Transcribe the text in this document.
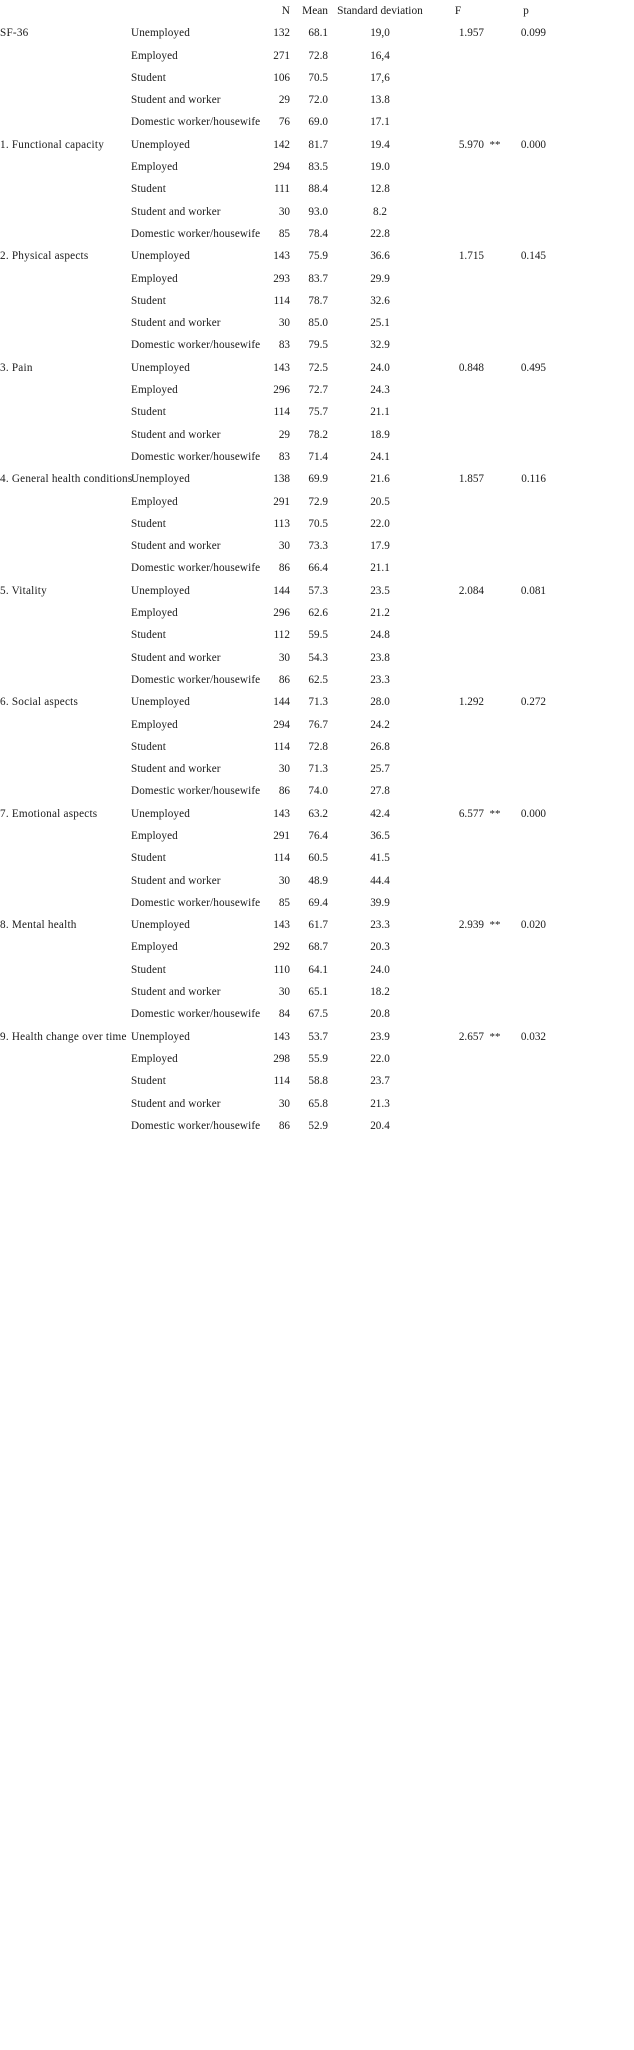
		N	Mean	Standard deviation	F		p	
SF-36	Unemployed	132	68.1	19,0	1.957		0.099	
	Employed	271	72.8	16,4				
	Student	106	70.5	17,6				
	Student and worker	29	72.0	13.8				
	Domestic worker/housewife	76	69.0	17.1				
1. Functional capacity	Unemployed	142	81.7	19.4	5.970	**	0.000	
	Employed	294	83.5	19.0				
	Student	111	88.4	12.8				
	Student and worker	30	93.0	8.2				
	Domestic worker/housewife	85	78.4	22.8				
2. Physical aspects	Unemployed	143	75.9	36.6	1.715		0.145	
	Employed	293	83.7	29.9				
	Student	114	78.7	32.6				
	Student and worker	30	85.0	25.1				
	Domestic worker/housewife	83	79.5	32.9				
3. Pain	Unemployed	143	72.5	24.0	0.848		0.495	
	Employed	296	72.7	24.3				
	Student	114	75.7	21.1				
	Student and worker	29	78.2	18.9				
	Domestic worker/housewife	83	71.4	24.1				
4. General health conditions	Unemployed	138	69.9	21.6	1.857		0.116	
	Employed	291	72.9	20.5				
	Student	113	70.5	22.0				
	Student and worker	30	73.3	17.9				
	Domestic worker/housewife	86	66.4	21.1				
5. Vitality	Unemployed	144	57.3	23.5	2.084		0.081	
	Employed	296	62.6	21.2				
	Student	112	59.5	24.8				
	Student and worker	30	54.3	23.8				
	Domestic worker/housewife	86	62.5	23.3				
6. Social aspects	Unemployed	144	71.3	28.0	1.292		0.272	
	Employed	294	76.7	24.2				
	Student	114	72.8	26.8				
	Student and worker	30	71.3	25.7				
	Domestic worker/housewife	86	74.0	27.8				
7. Emotional aspects	Unemployed	143	63.2	42.4	6.577	**	0.000	
	Employed	291	76.4	36.5				
	Student	114	60.5	41.5				
	Student and worker	30	48.9	44.4				
	Domestic worker/housewife	85	69.4	39.9				
8. Mental health	Unemployed	143	61.7	23.3	2.939	**	0.020	
	Employed	292	68.7	20.3				
	Student	110	64.1	24.0				
	Student and worker	30	65.1	18.2				
	Domestic worker/housewife	84	67.5	20.8				
9. Health change over time	Unemployed	143	53.7	23.9	2.657	**	0.032	
	Employed	298	55.9	22.0				
	Student	114	58.8	23.7				
	Student and worker	30	65.8	21.3				
	Domestic worker/housewife	86	52.9	20.4				
